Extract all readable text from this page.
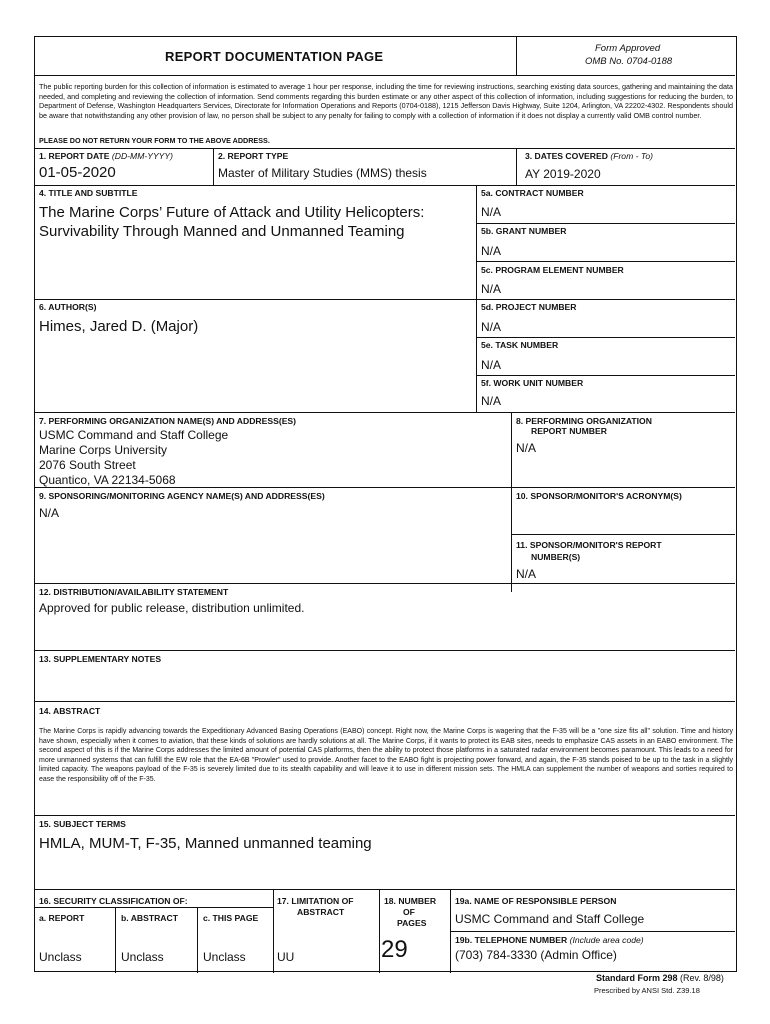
REPORT DOCUMENTATION PAGE
Form Approved
OMB No. 0704-0188
The public reporting burden for this collection of information is estimated to average 1 hour per response, including the time for reviewing instructions, searching existing data sources, gathering and maintaining the data needed, and completing and reviewing the collection of information. Send comments regarding this burden estimate or any other aspect of this collection of information, including suggestions for reducing the burden, to Department of Defense, Washington Headquarters Services, Directorate for Information Operations and Reports (0704-0188), 1215 Jefferson Davis Highway, Suite 1204, Arlington, VA 22202-4302. Respondents should be aware that notwithstanding any other provision of law, no person shall be subject to any penalty for failing to comply with a collection of information if it does not display a currently valid OMB control number.
PLEASE DO NOT RETURN YOUR FORM TO THE ABOVE ADDRESS.
1. REPORT DATE (DD-MM-YYYY)
01-05-2020
2. REPORT TYPE
Master of Military Studies (MMS) thesis
3. DATES COVERED (From - To)
AY 2019-2020
4. TITLE AND SUBTITLE
The Marine Corps’ Future of Attack and Utility Helicopters:
Survivability Through Manned and Unmanned Teaming
5a. CONTRACT NUMBER
N/A
5b. GRANT NUMBER
N/A
5c. PROGRAM ELEMENT NUMBER
N/A
6. AUTHOR(S)
Himes, Jared D. (Major)
5d. PROJECT NUMBER
N/A
5e. TASK NUMBER
N/A
5f. WORK UNIT NUMBER
N/A
7. PERFORMING ORGANIZATION NAME(S) AND ADDRESS(ES)
USMC Command and Staff College
Marine Corps University
2076 South Street
Quantico, VA 22134-5068
8. PERFORMING ORGANIZATION
REPORT NUMBER
N/A
9. SPONSORING/MONITORING AGENCY NAME(S) AND ADDRESS(ES)
N/A
10. SPONSOR/MONITOR'S ACRONYM(S)
11. SPONSOR/MONITOR'S REPORT
NUMBER(S)
N/A
12. DISTRIBUTION/AVAILABILITY STATEMENT
Approved for public release, distribution unlimited.
13. SUPPLEMENTARY NOTES
14. ABSTRACT
The Marine Corps is rapidly advancing towards the Expeditionary Advanced Basing Operations (EABO) concept. Right now, the Marine Corps is wagering that the F-35 will be a "one size fits all" solution. Time and history have shown, especially when it comes to aviation, that these kinds of solutions are hardly solutions at all. The Marine Corps, if it wants to protect its EAB sites, needs to emphasize CAS assets in an EABO environment. The second aspect of this is if the Marine Corps addresses the limited amount of potential CAS platforms, then the ability to protect those platforms in a saturated radar environment becomes paramount. This leads to a need for more unmanned systems that can fulfill the EW role that the EA-6B "Prowler" used to provide. Another facet to the EABO fight is projecting power forward, and again, the F-35 stands poised to be up to the task in a slightly limited capacity. The weapons payload of the F-35 is severely limited due to its stealth capability and will leave it to use in different mission sets. The HMLA can supplement the number of weapons and sorties required to ease the responsibility off of the F-35.
15. SUBJECT TERMS
HMLA, MUM-T, F-35, Manned unmanned teaming
16. SECURITY CLASSIFICATION OF:
a. REPORT	b. ABSTRACT	c. THIS PAGE
Unclass	Unclass	Unclass
17. LIMITATION OF
ABSTRACT
UU
18. NUMBER
OF
PAGES
29
19a. NAME OF RESPONSIBLE PERSON
USMC Command and Staff College
19b. TELEPHONE NUMBER (Include area code)
(703) 784-3330 (Admin Office)
Standard Form 298 (Rev. 8/98)
Prescribed by ANSI Std. Z39.18
